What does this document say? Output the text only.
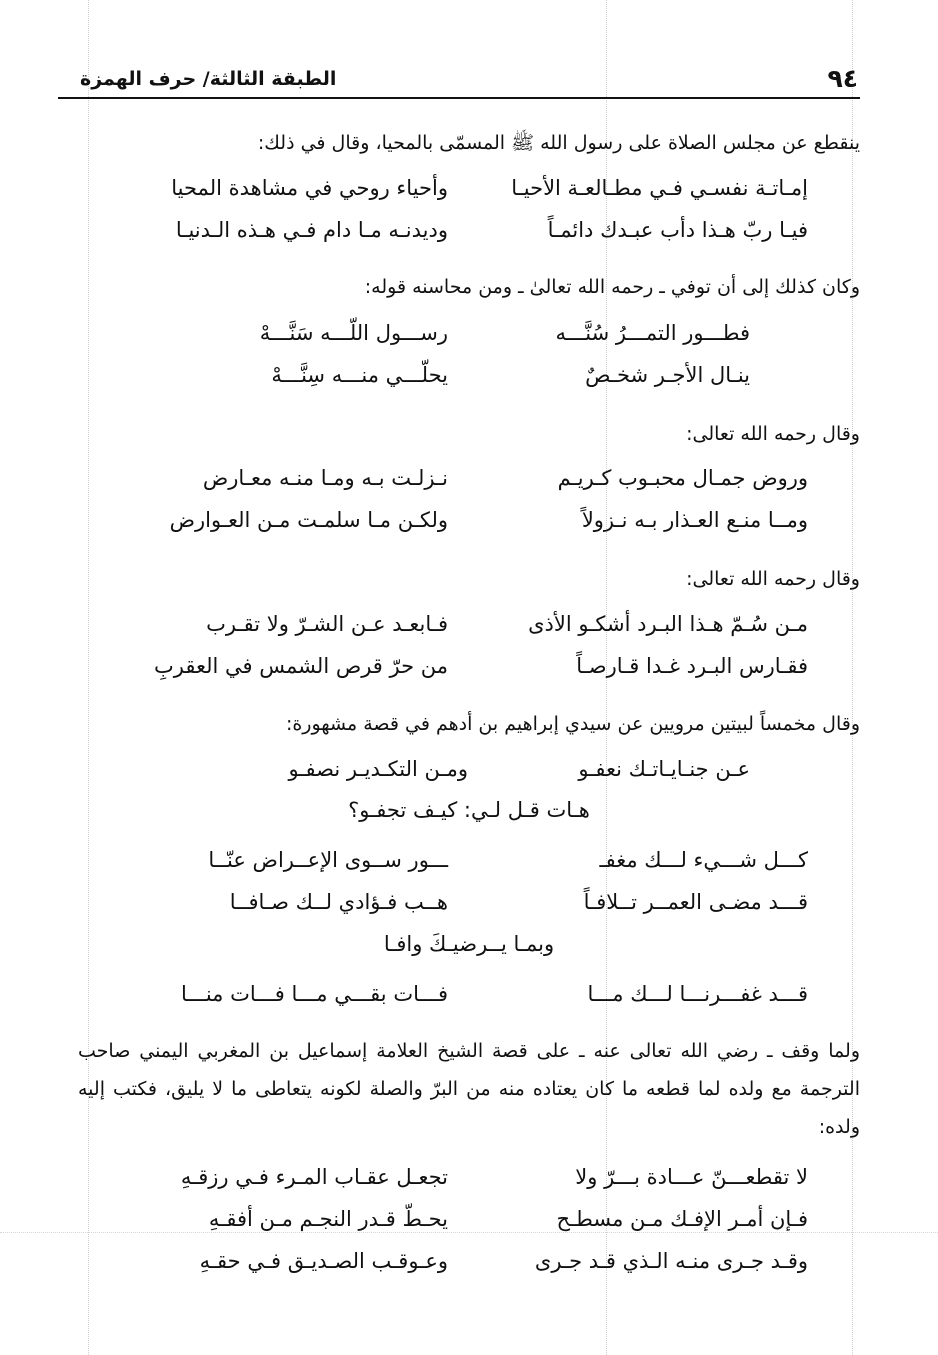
٩٤
الطبقة الثالثة/ حرف الهمزة
ينقطع عن مجلس الصلاة على رسول الله ﷺ المسمّى بالمحيا، وقال في ذلك:
إمـاتـة نفسـي فـي مطـالعـة الأحيـا
وأحياء روحي في مشاهدة المحيا
فيـا ربّ هـذا دأب عبـدك دائمـاً
وديدنـه مـا دام فـي هـذه الـدنيـا
وكان كذلك إلى أن توفي ـ رحمه الله تعالىٰ ـ ومن محاسنه قوله:
فطـــور التمـــرُ سُنَّـــه
رســـول اللّـــه سَنَّـــهْ
ينـال الأجـر شخـصٌ
يحلّـــي منـــه سِنَّـــهْ
وقال رحمه الله تعالى:
وروض جمـال محبـوب كـريـم
نـزلـت بـه ومـا منـه معـارض
ومــا منـع العـذار بـه نـزولاً
ولكـن مـا سلمـت مـن العـوارض
وقال رحمه الله تعالى:
مـن سُـمّ هـذا البـرد أشكـو الأذى
فـابعـد عـن الشـرّ ولا تقـرب
فقـارس البـرد غـدا قـارصـاً
من حرّ قرص الشمس في العقربِ
وقال مخمساً لبيتين مرويين عن سيدي إبراهيم بن أدهم في قصة مشهورة:
عـن جنـايـاتـك نعفـو
ومـن التكـديـر نصفـو
هـات قـل لـي: كيـف تجفـو؟
كـــل شـــيء لـــك مغفـ
ـــور ســوى الإعــراض عنّــا
قـــد مضـى العمــر تــلافـاً
هــب فـؤادي لــك صـافــا
وبمـا يــرضيـكَ وافـا
قـــد غفـــرنـــا لـــك مـــا
فـــات بقـــي مـــا فـــات منـــا
ولما وقف ـ رضي الله تعالى عنه ـ على قصة الشيخ العلامة إسماعيل بن المغربي اليمني صاحب الترجمة مع ولده لما قطعه ما كان يعتاده منه من البرّ والصلة لكونه يتعاطى ما لا يليق، فكتب إليه ولده:
لا تقطعـــنّ عـــادة بـــرّ ولا
تجعـل عقـاب المـرء فـي رزقـهِ
فـإن أمـر الإفـك مـن مسطـح
يحـطّ قـدر النجـم مـن أفقـهِ
وقـد جـرى منـه الـذي قـد جـرى
وعـوقـب الصـديـق فـي حقـهِ
